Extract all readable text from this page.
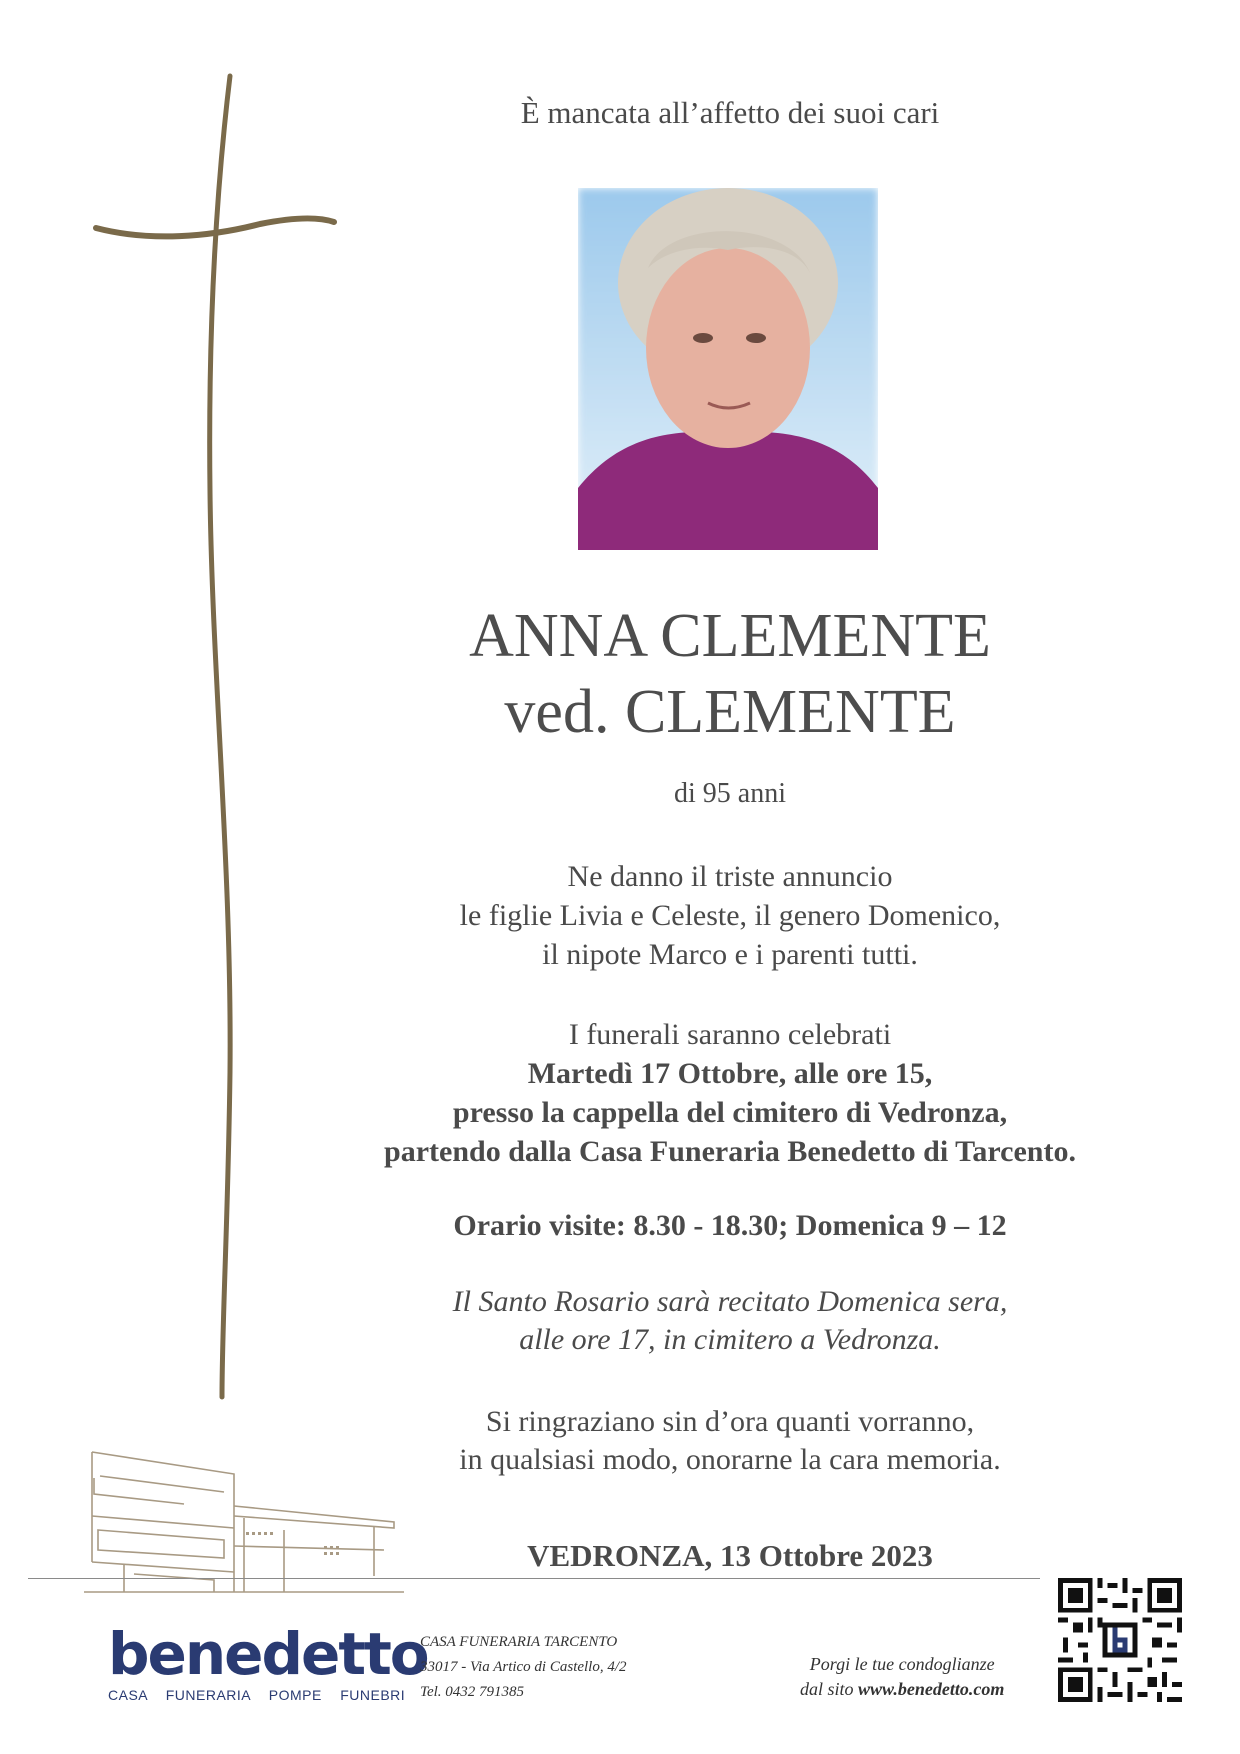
È mancata all’affetto dei suoi cari
ANNA CLEMENTE
ved. CLEMENTE
di 95 anni
Ne danno il triste annuncio
le figlie Livia e Celeste, il genero Domenico,
il nipote Marco e i parenti tutti.
I funerali saranno celebrati
Martedì 17 Ottobre, alle ore 15,
presso la cappella del cimitero di Vedronza,
partendo dalla Casa Funeraria Benedetto di Tarcento.
Orario visite: 8.30 - 18.30; Domenica 9 – 12
Il Santo Rosario sarà recitato Domenica sera,
alle ore 17, in cimitero a Vedronza.
Si ringraziano sin d’ora quanti vorranno,
in qualsiasi modo, onorarne la cara memoria.
VEDRONZA, 13 Ottobre 2023
benedetto
CASA FUNERARIA POMPE FUNEBRI
CASA FUNERARIA TARCENTO
33017 - Via Artico di Castello, 4/2
Tel. 0432 791385
Porgi le tue condoglianze
dal sito www.benedetto.com
